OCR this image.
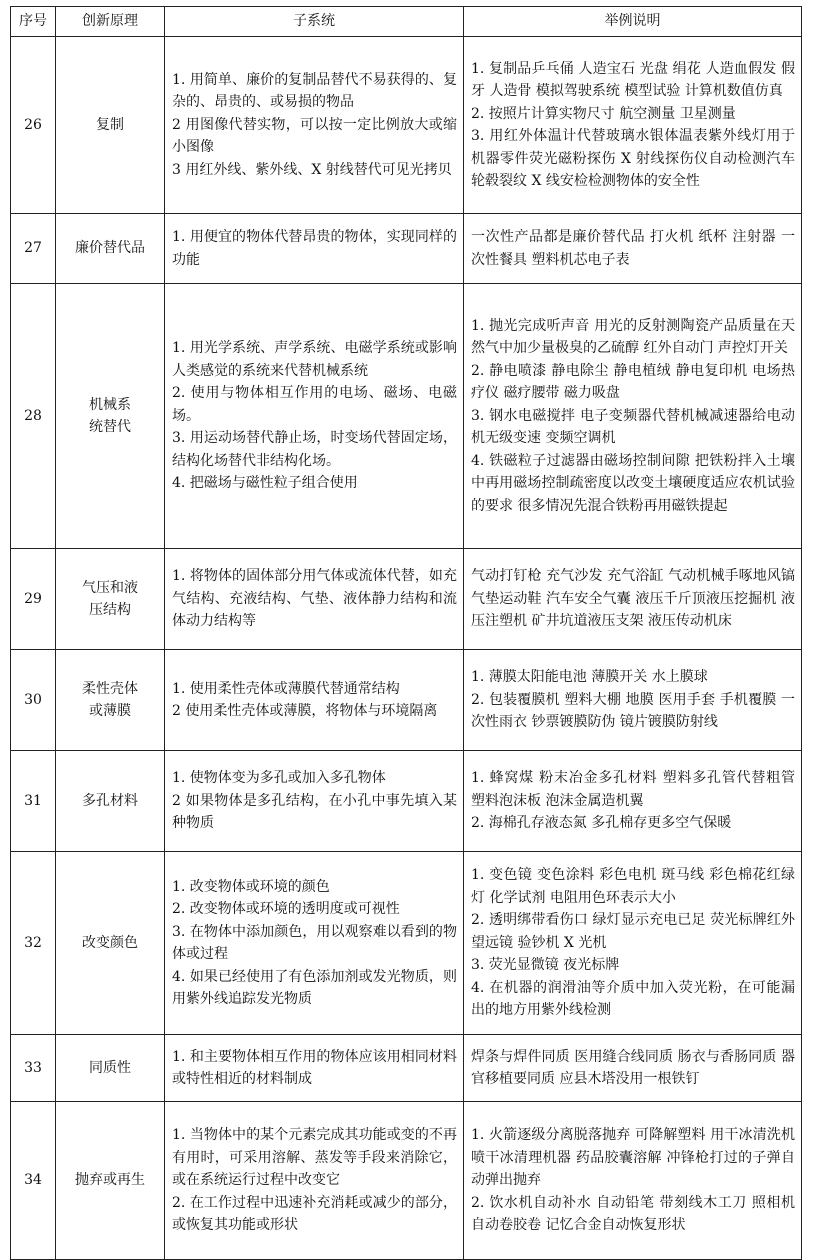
序号	创新原理	子系统	举例说明
26	复制	1. 用简单、廉价的复制品替代不易获得的、复杂的、昂贵的、或易损的物品
2 用图像代替实物，可以按一定比例放大或缩小图像
3 用红外线、紫外线、X 射线替代可见光拷贝	1. 复制品乒乓俑 人造宝石 光盘 绢花 人造血假发 假牙 人造骨 模拟驾驶系统 模型试验 计算机数值仿真
2. 按照片计算实物尺寸 航空测量 卫星测量
3. 用红外体温计代替玻璃水银体温表紫外线灯用于机器零件荧光磁粉探伤 X 射线探伤仪自动检测汽车轮毂裂纹 X 线安检检测物体的安全性

27	廉价替代品	1. 用便宜的物体代替昂贵的物体，实现同样的功能	一次性产品都是廉价替代品 打火机 纸杯 注射器 一次性餐具 塑料机芯电子表

28	机械系
统替代	1. 用光学系统、声学系统、电磁学系统或影响人类感觉的系统来代替机械系统
2. 使用与物体相互作用的电场、磁场、电磁场。
3. 用运动场替代静止场，时变场代替固定场，结构化场替代非结构化场。
4. 把磁场与磁性粒子组合使用	1. 抛光完成听声音 用光的反射测陶瓷产品质量在天然气中加少量极臭的乙硫醇 红外自动门 声控灯开关
2. 静电喷漆 静电除尘 静电植绒 静电复印机 电场热疗仪 磁疗腰带 磁力吸盘
3. 钢水电磁搅拌 电子变频器代替机械减速器给电动机无级变速 变频空调机
4. 铁磁粒子过滤器由磁场控制间隙 把铁粉拌入土壤中再用磁场控制疏密度以改变土壤硬度适应农机试验的要求 很多情况先混合铁粉再用磁铁提起

29	气压和液
压结构	1. 将物体的固体部分用气体或流体代替，如充气结构、充液结构、气垫、液体静力结构和流体动力结构等	气动打钉枪 充气沙发 充气浴缸 气动机械手啄地风镐 气垫运动鞋 汽车安全气囊 液压千斤顶液压挖掘机 液压注塑机 矿井坑道液压支架 液压传动机床

30	柔性壳体
或薄膜	1. 使用柔性壳体或薄膜代替通常结构
2 使用柔性壳体或薄膜，将物体与环境隔离	1. 薄膜太阳能电池 薄膜开关 水上膜球
2. 包装覆膜机 塑料大棚 地膜 医用手套 手机覆膜 一次性雨衣 钞票镀膜防伪 镜片镀膜防射线

31	多孔材料	1. 使物体变为多孔或加入多孔物体
2 如果物体是多孔结构，在小孔中事先填入某种物质	1. 蜂窝煤 粉末冶金多孔材料 塑料多孔管代替粗管 塑料泡沫板 泡沫金属造机翼
2. 海棉孔存液态氮 多孔棉存更多空气保暖

32	改变颜色	1. 改变物体或环境的颜色
2. 改变物体或环境的透明度或可视性
3. 在物体中添加颜色，用以观察难以看到的物体或过程
4. 如果已经使用了有色添加剂或发光物质，则用紫外线追踪发光物质	1. 变色镜 变色涂料 彩色电机 斑马线 彩色棉花红绿灯 化学试剂 电阻用色环表示大小
2. 透明绑带看伤口 绿灯显示充电已足 荧光标牌红外望远镜 验钞机 X 光机
3. 荧光显微镜 夜光标牌
4. 在机器的润滑油等介质中加入荧光粉，在可能漏出的地方用紫外线检测

33	同质性	1. 和主要物体相互作用的物体应该用相同材料或特性相近的材料制成	焊条与焊件同质 医用缝合线同质 肠衣与香肠同质 器官移植要同质 应县木塔没用一根铁钉

34	抛弃或再生	1. 当物体中的某个元素完成其功能或变的不再有用时，可采用溶解、蒸发等手段来消除它，或在系统运行过程中改变它
2. 在工作过程中迅速补充消耗或减少的部分，或恢复其功能或形状	1. 火箭逐级分离脱落抛弃 可降解塑料 用干冰清洗机喷干冰清理机器 药品胶囊溶解 冲锋枪打过的子弹自动弹出抛弃
2. 饮水机自动补水 自动铅笔 带刻线木工刀 照相机自动卷胶卷 记忆合金自动恢复形状
